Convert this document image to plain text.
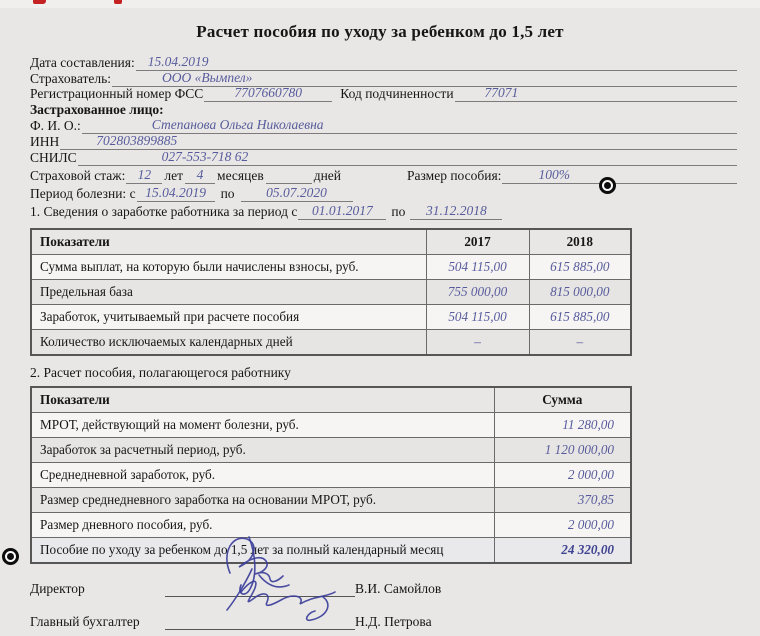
Расчет пособия по уходу за ребенком до 1,5 лет
Дата составления: 15.04.2019
Страхователь:	ООО «Вымпел»
Регистрационный номер ФСС	7707660780	Код подчиненности	77071
Застрахованное лицо:
Ф. И. О.:	Степанова Ольга Николаевна
ИНН	702803899885
СНИЛС	027-553-718 62
Страховой стаж: 12 лет	4	месяцев	дней	Размер пособия:	100%
Период болезни: с 15.04.2019	по	05.07.2020
1. Сведения о заработке работника за период с	01.01.2017	по	31.12.2018
Показатели	2017	2018
Сумма выплат, на которую были начислены взносы, руб.	504 115,00	615 885,00
Предельная база	755 000,00	815 000,00
Заработок, учитываемый при расчете пособия	504 115,00	615 885,00
Количество исключаемых календарных дней	–	–
2. Расчет пособия, полагающегося работнику
Показатели	Сумма
МРОТ, действующий на момент болезни, руб.	11 280,00
Заработок за расчетный период, руб.	1 120 000,00
Среднедневной заработок, руб.	2 000,00
Размер среднедневного заработка на основании МРОТ, руб.	370,85
Размер дневного пособия, руб.	2 000,00
Пособие по уходу за ребенком до 1,5 лет за полный календарный месяц	24 320,00
Директор	В.И. Самойлов
Главный бухгалтер	Н.Д. Петрова
